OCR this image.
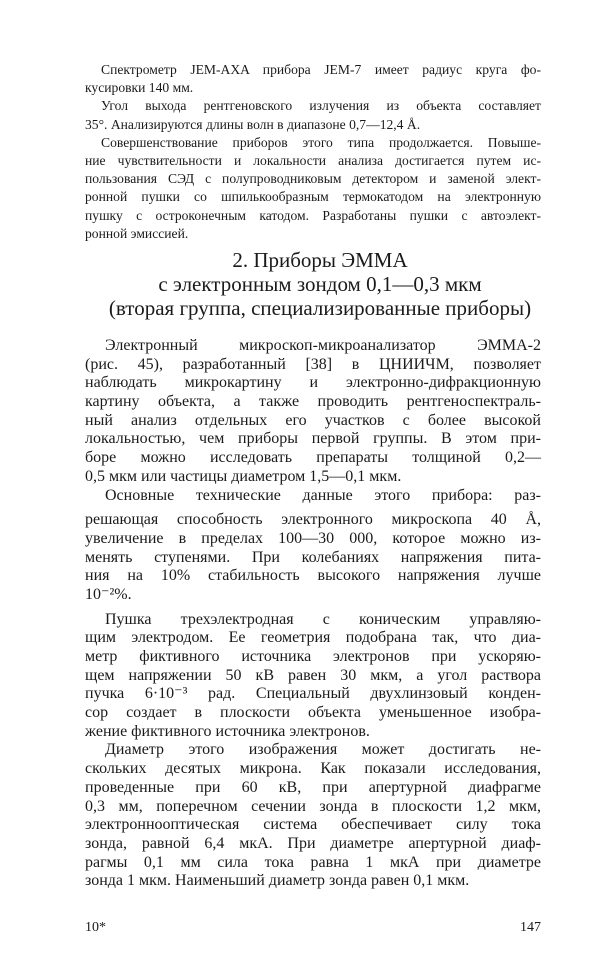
Спектрометр JEM-AXA прибора JEM-7 имеет радиус круга фо-
кусировки 140 мм.
Угол выхода рентгеновского излучения из объекта составляет
35°. Анализируются длины волн в диапазоне 0,7—12,4 Å.
Совершенствование приборов этого типа продолжается. Повыше-
ние чувствительности и локальности анализа достигается путем ис-
пользования СЭД с полупроводниковым детектором и заменой элект-
ронной пушки со шпилькообразным термокатодом на электронную
пушку с остроконечным катодом. Разработаны пушки с автоэлект-
ронной эмиссией.
2. Приборы ЭММА
с электронным зондом 0,1—0,3 мкм
(вторая группа, специализированные приборы)
Электронный микроскоп-микроанализатор ЭММА-2
(рис. 45), разработанный [38] в ЦНИИЧМ, позволяет
наблюдать микрокартину и электронно-дифракционную
картину объекта, а также проводить рентгеноспектраль-
ный анализ отдельных его участков с более высокой
локальностью, чем приборы первой группы. В этом при-
боре можно исследовать препараты толщиной 0,2—
0,5 мкм или частицы диаметром 1,5—0,1 мкм.
Основные технические данные этого прибора: раз-
решающая способность электронного микроскопа 40 Å,
увеличение в пределах 100—30 000, которое можно из-
менять ступенями. При колебаниях напряжения пита-
ния на 10% стабильность высокого напряжения лучше
10⁻²%.
Пушка трехэлектродная с коническим управляю-
щим электродом. Ее геометрия подобрана так, что диа-
метр фиктивного источника электронов при ускоряю-
щем напряжении 50 кВ равен 30 мкм, а угол раствора
пучка 6·10⁻³ рад. Специальный двухлинзовый конден-
сор создает в плоскости объекта уменьшенное изобра-
жение фиктивного источника электронов.
Диаметр этого изображения может достигать не-
скольких десятых микрона. Как показали исследования,
проведенные при 60 кВ, при апертурной диафрагме
0,3 мм, поперечном сечении зонда в плоскости 1,2 мкм,
электроннооптическая система обеспечивает силу тока
зонда, равной 6,4 мкА. При диаметре апертурной диаф-
рагмы 0,1 мм сила тока равна 1 мкА при диаметре
зонда 1 мкм. Наименьший диаметр зонда равен 0,1 мкм.
10*	147
